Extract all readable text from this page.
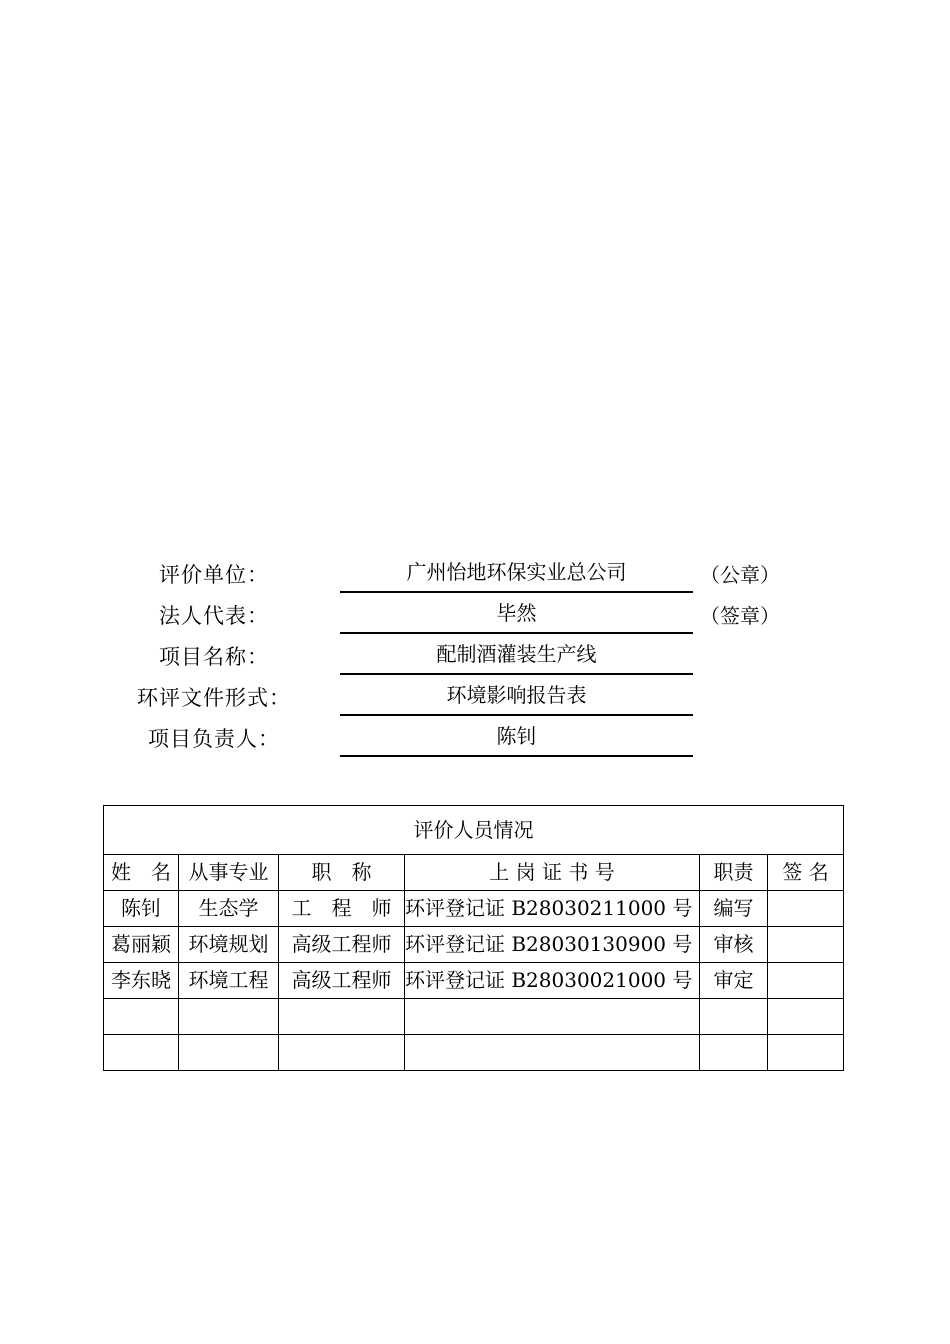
评价单位：	广州怡地环保实业总公司	（公章）
法人代表：	毕然	（签章）
项目名称：	配制酒灌装生产线
环评文件形式：	环境影响报告表
项目负责人：	陈钊
评价人员情况					
姓　名	从事专业	职　称	上 岗 证 书 号	职责	签 名
陈钊	生态学	工　程　师	环评登记证 B28030211000 号	编写	
葛丽颖	环境规划	高级工程师	环评登记证 B28030130900 号	审核	
李东晓	环境工程	高级工程师	环评登记证 B28030021000 号	审定	
